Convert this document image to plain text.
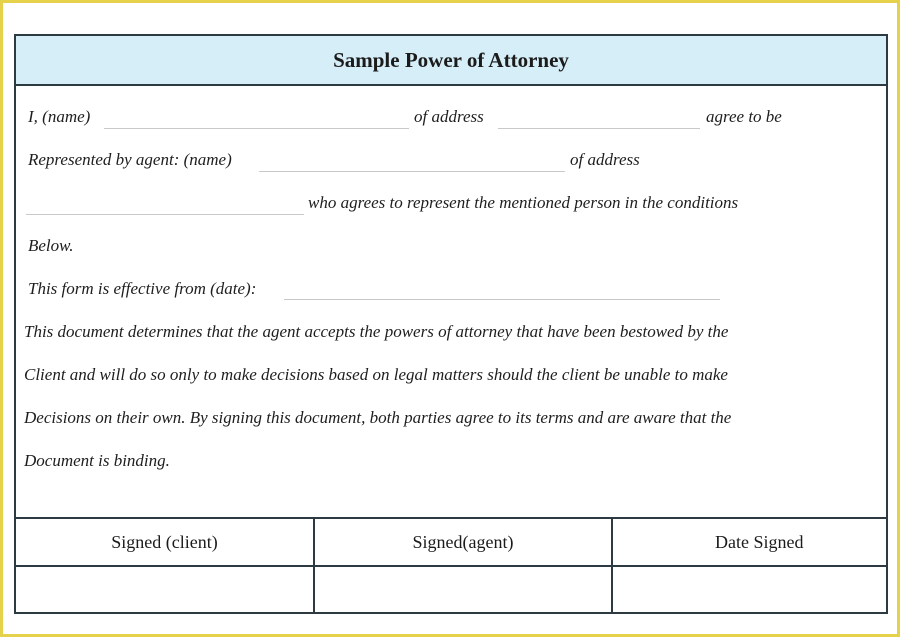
Sample Power of Attorney
I, (name)	of address	agree to be
Represented by agent: (name)	of address
who agrees to represent the mentioned person in the conditions
Below.
This form is effective from (date):
This document determines that the agent accepts the powers of attorney that have been bestowed by the
Client and will do so only to make decisions based on legal matters should the client be unable to make
Decisions on their own. By signing this document, both parties agree to its terms and are aware that the
Document is binding.
Signed (client)	Signed(agent)	Date Signed
